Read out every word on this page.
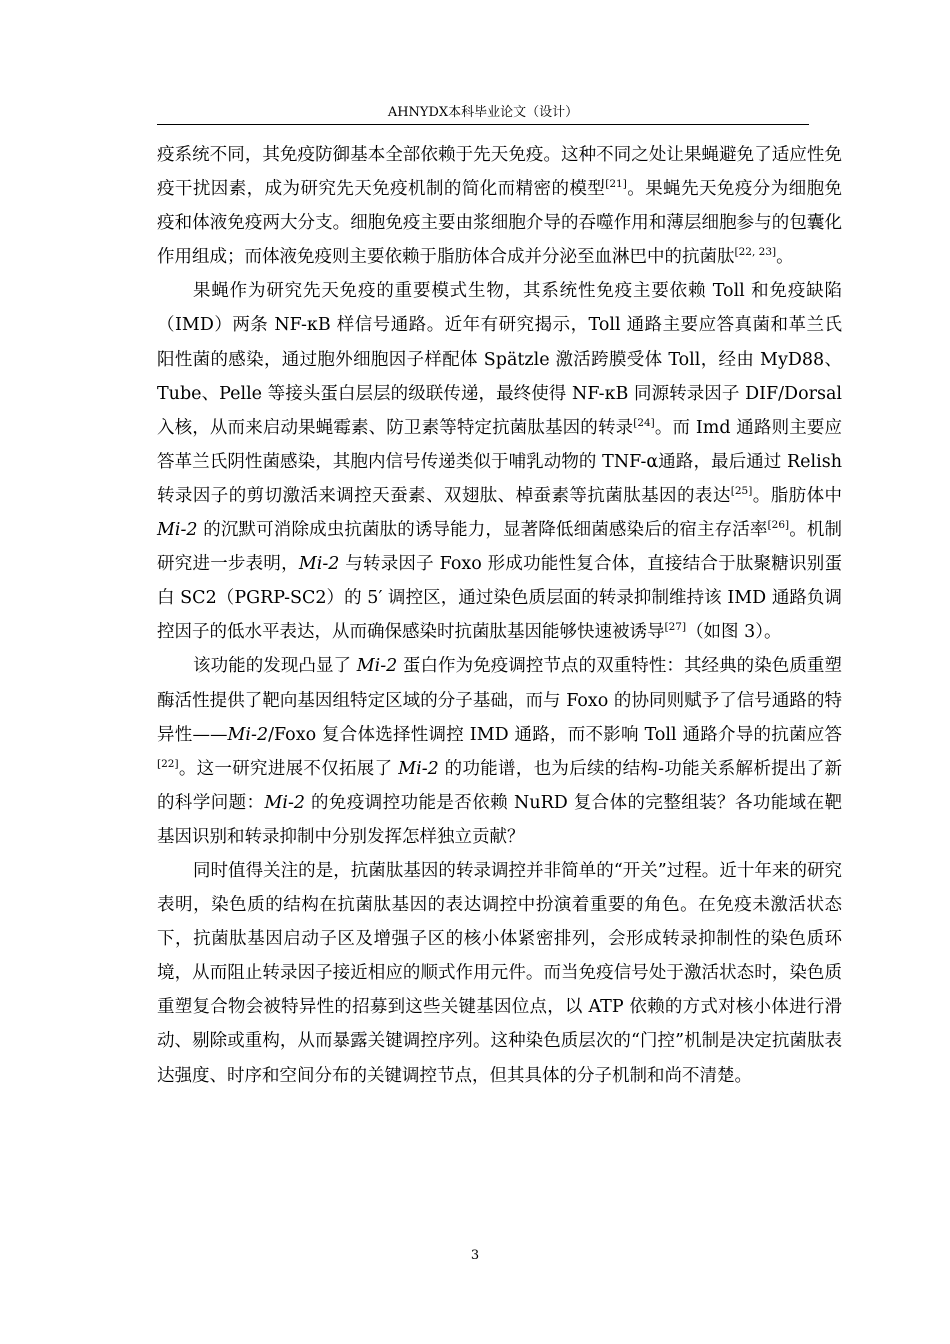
AHNYDX本科毕业论文（设计）

疫系统不同，其免疫防御基本全部依赖于先天免疫。这种不同之处让果蝇避免了适应性免疫干扰因素，成为研究先天免疫机制的简化而精密的模型[21]。果蝇先天免疫分为细胞免疫和体液免疫两大分支。细胞免疫主要由浆细胞介导的吞噬作用和薄层细胞参与的包囊化作用组成；而体液免疫则主要依赖于脂肪体合成并分泌至血淋巴中的抗菌肽[22, 23]。

果蝇作为研究先天免疫的重要模式生物，其系统性免疫主要依赖 Toll 和免疫缺陷（IMD）两条 NF-κB 样信号通路。近年有研究揭示，Toll 通路主要应答真菌和革兰氏阳性菌的感染，通过胞外细胞因子样配体 Spätzle 激活跨膜受体 Toll，经由 MyD88、Tube、Pelle 等接头蛋白层层的级联传递，最终使得 NF-κB 同源转录因子 DIF/Dorsal 入核，从而来启动果蝇霉素、防卫素等特定抗菌肽基因的转录[24]。而 Imd 通路则主要应答革兰氏阴性菌感染，其胞内信号传递类似于哺乳动物的 TNF-α通路，最后通过 Relish 转录因子的剪切激活来调控天蚕素、双翅肽、棹蚕素等抗菌肽基因的表达[25]。脂肪体中 Mi-2 的沉默可消除成虫抗菌肽的诱导能力，显著降低细菌感染后的宿主存活率[26]。机制研究进一步表明，Mi-2 与转录因子 Foxo 形成功能性复合体，直接结合于肽聚糖识别蛋白 SC2（PGRP-SC2）的 5′ 调控区，通过染色质层面的转录抑制维持该 IMD 通路负调控因子的低水平表达，从而确保感染时抗菌肽基因能够快速被诱导[27]（如图 3）。

该功能的发现凸显了 Mi-2 蛋白作为免疫调控节点的双重特性：其经典的染色质重塑酶活性提供了靶向基因组特定区域的分子基础，而与 Foxo 的协同则赋予了信号通路的特异性——Mi-2/Foxo 复合体选择性调控 IMD 通路，而不影响 Toll 通路介导的抗菌应答[22]。这一研究进展不仅拓展了 Mi-2 的功能谱，也为后续的结构-功能关系解析提出了新的科学问题：Mi-2 的免疫调控功能是否依赖 NuRD 复合体的完整组装？各功能域在靶基因识别和转录抑制中分别发挥怎样独立贡献？

同时值得关注的是，抗菌肽基因的转录调控并非简单的“开关”过程。近十年来的研究表明，染色质的结构在抗菌肽基因的表达调控中扮演着重要的角色。在免疫未激活状态下，抗菌肽基因启动子区及增强子区的核小体紧密排列，会形成转录抑制性的染色质环境，从而阻止转录因子接近相应的顺式作用元件。而当免疫信号处于激活状态时，染色质重塑复合物会被特异性的招募到这些关键基因位点，以 ATP 依赖的方式对核小体进行滑动、剔除或重构，从而暴露关键调控序列。这种染色质层次的“门控”机制是决定抗菌肽表达强度、时序和空间分布的关键调控节点，但其具体的分子机制和尚不清楚。

3
